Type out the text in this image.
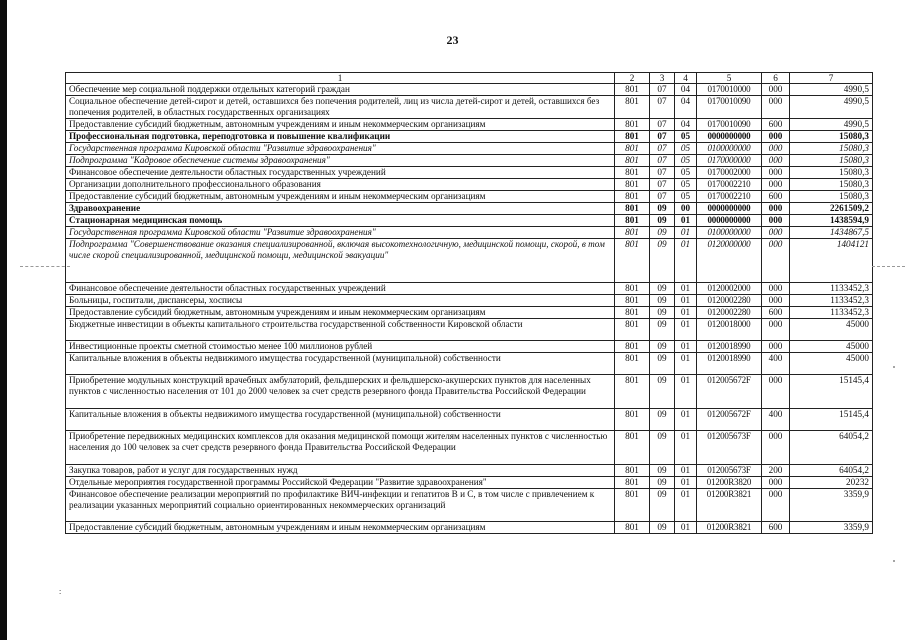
23
1	2	3	4	5	6	7
Обеспечение мер социальной поддержки отдельных категорий граждан	801	07	04	0170010000	000	4990,5
Социальное обеспечение детей-сирот и детей, оставшихся без попечения родителей, лиц из числа детей-сирот и детей, оставшихся без попечения родителей, в областных государственных организациях	801	07	04	0170010090	000	4990,5
Предоставление субсидий бюджетным, автономным учреждениям и иным некоммерческим организациям	801	07	04	0170010090	600	4990,5
Профессиональная подготовка, переподготовка и повышение квалификации	801	07	05	0000000000	000	15080,3
Государственная программа Кировской области "Развитие здравоохранения"	801	07	05	0100000000	000	15080,3
Подпрограмма "Кадровое обеспечение системы здравоохранения"	801	07	05	0170000000	000	15080,3
Финансовое обеспечение деятельности областных государственных учреждений	801	07	05	0170002000	000	15080,3
Организации дополнительного профессионального образования	801	07	05	0170002210	000	15080,3
Предоставление субсидий бюджетным, автономным учреждениям и иным некоммерческим организациям	801	07	05	0170002210	600	15080,3
Здравоохранение	801	09	00	0000000000	000	2261509,2
Стационарная медицинская помощь	801	09	01	0000000000	000	1438594,9
Государственная программа Кировской области "Развитие здравоохранения"	801	09	01	0100000000	000	1434867,5
Подпрограмма "Совершенствование оказания специализированной, включая высокотехнологичную, медицинской помощи, скорой, в том числе скорой специализированной, медицинской помощи, медицинской эвакуации"	801	09	01	0120000000	000	1404121
Финансовое обеспечение деятельности областных государственных учреждений	801	09	01	0120002000	000	1133452,3
Больницы, госпитали, диспансеры, хосписы	801	09	01	0120002280	000	1133452,3
Предоставление субсидий бюджетным, автономным учреждениям и иным некоммерческим организациям	801	09	01	0120002280	600	1133452,3
Бюджетные инвестиции в объекты капитального строительства государственной собственности Кировской области	801	09	01	0120018000	000	45000
Инвестиционные проекты сметной стоимостью менее 100 миллионов рублей	801	09	01	0120018990	000	45000
Капитальные вложения в объекты недвижимого имущества государственной (муниципальной) собственности	801	09	01	0120018990	400	45000
Приобретение модульных конструкций врачебных амбулаторий, фельдшерских и фельдшерско-акушерских пунктов для населенных пунктов с численностью населения от 101 до 2000 человек за счет средств резервного фонда Правительства Российской Федерации	801	09	01	012005672F	000	15145,4
Капитальные вложения в объекты недвижимого имущества государственной (муниципальной) собственности	801	09	01	012005672F	400	15145,4
Приобретение передвижных медицинских комплексов для оказания медицинской помощи жителям населенных пунктов с численностью населения до 100 человек за счет средств резервного фонда Правительства Российской Федерации	801	09	01	012005673F	000	64054,2
Закупка товаров, работ и услуг для государственных нужд	801	09	01	012005673F	200	64054,2
Отдельные мероприятия государственной программы Российской Федерации "Развитие здравоохранения"	801	09	01	01200R3820	000	20232
Финансовое обеспечение реализации мероприятий по профилактике ВИЧ-инфекции и гепатитов В и С, в том числе с привлечением к реализации указанных мероприятий социально ориентированных некоммерческих организаций	801	09	01	01200R3821	000	3359,9
Предоставление субсидий бюджетным, автономным учреждениям и иным некоммерческим организациям	801	09	01	01200R3821	600	3359,9
:
